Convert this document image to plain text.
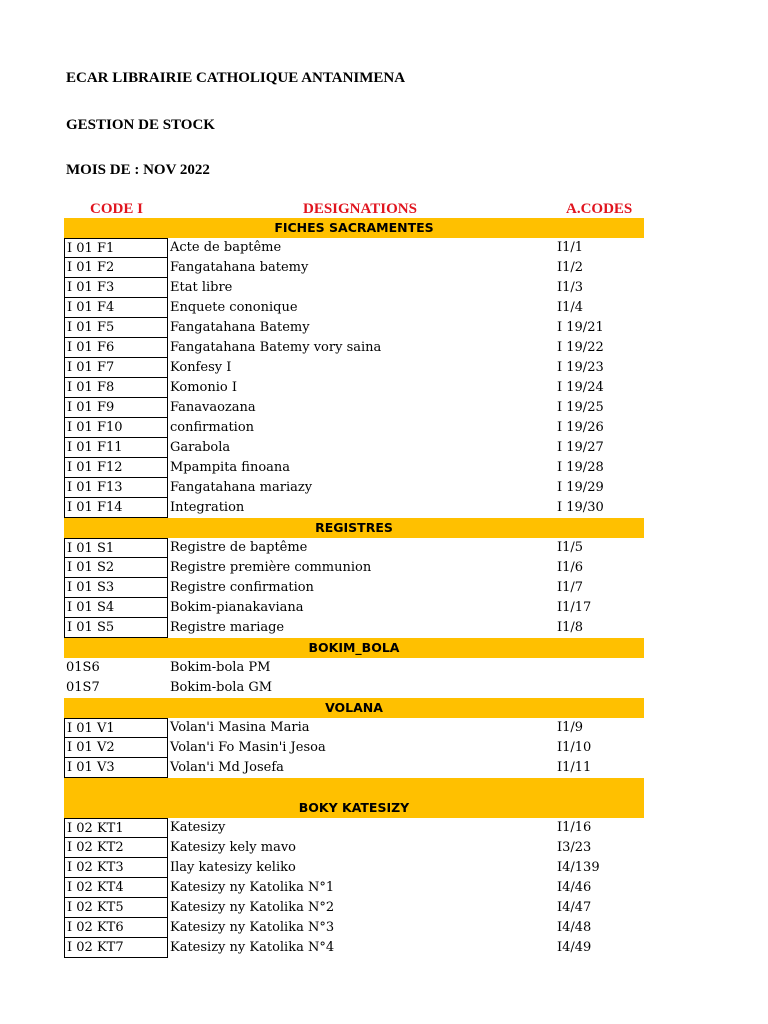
ECAR LIBRAIRIE CATHOLIQUE ANTANIMENA
GESTION DE STOCK
MOIS DE : NOV 2022
CODE I	DESIGNATIONS	A.CODES
FICHES SACRAMENTES
I 01 F1	Acte de baptême	I1/1
I 01 F2	Fangatahana batemy	I1/2
I 01 F3	Etat libre	I1/3
I 01 F4	Enquete cononique	I1/4
I 01 F5	Fangatahana Batemy	I 19/21
I 01 F6	Fangatahana Batemy vory saina	I 19/22
I 01 F7	Konfesy I	I 19/23
I 01 F8	Komonio I	I 19/24
I 01 F9	Fanavaozana	I 19/25
I 01 F10	confirmation	I 19/26
I 01 F11	Garabola	I 19/27
I 01 F12	Mpampita finoana	I 19/28
I 01 F13	Fangatahana mariazy	I 19/29
I 01 F14	Integration	I 19/30
REGISTRES
I 01 S1	Registre de baptême	I1/5
I 01 S2	Registre première communion	I1/6
I 01 S3	Registre confirmation	I1/7
I 01 S4	Bokim-pianakaviana	I1/17
I 01 S5	Registre mariage	I1/8
BOKIM_BOLA
01S6	Bokim-bola PM
01S7	Bokim-bola GM
VOLANA
I 01 V1	Volan'i Masina Maria	I1/9
I 01 V2	Volan'i Fo Masin'i Jesoa	I1/10
I 01 V3	Volan'i Md Josefa	I1/11
BOKY KATESIZY
I 02 KT1	Katesizy	I1/16
I 02 KT2	Katesizy kely mavo	I3/23
I 02 KT3	Ilay katesizy keliko	I4/139
I 02 KT4	Katesizy ny Katolika N°1	I4/46
I 02 KT5	Katesizy ny Katolika N°2	I4/47
I 02 KT6	Katesizy ny Katolika N°3	I4/48
I 02 KT7	Katesizy ny Katolika N°4	I4/49
